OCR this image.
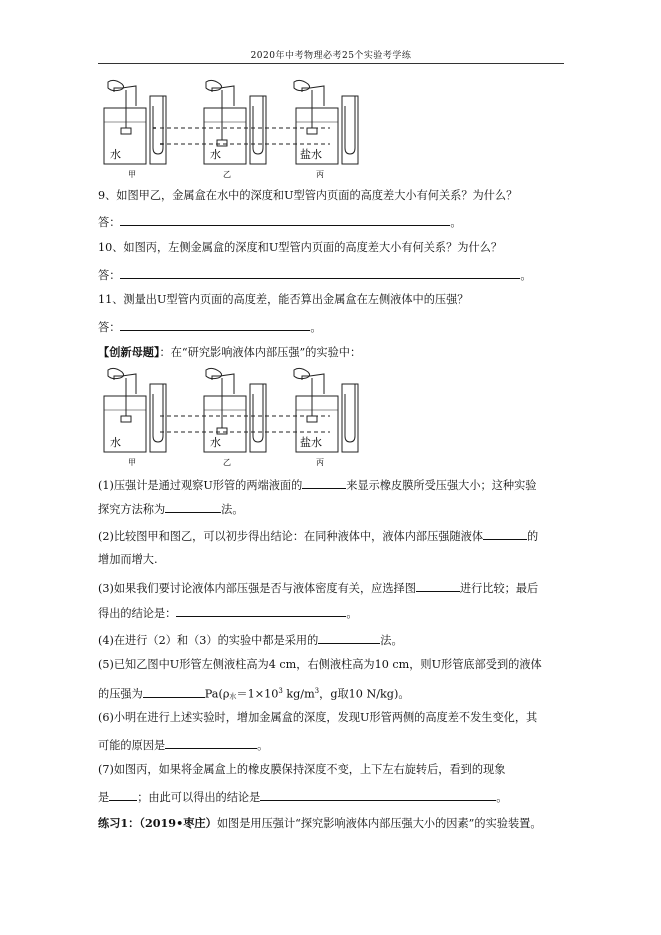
2020年中考物理必考25个实验考学练
水	水	盐水
甲	乙	丙
9、如图甲乙，金属盒在水中的深度和U型管内页面的高度差大小有何关系？为什么？
答：	。
10、如图丙，左侧金属盒的深度和U型管内页面的高度差大小有何关系？为什么？
答：	。
11、测量出U型管内页面的高度差，能否算出金属盒在左侧液体中的压强？
答：	。
【创新母题】：在“研究影响液体内部压强”的实验中：
水	水	盐水
甲	乙	丙
(1)压强计是通过观察U形管的两端液面的	来显示橡皮膜所受压强大小；这种实验
探究方法称为	法。
(2)比较图甲和图乙，可以初步得出结论：在同种液体中，液体内部压强随液体	的
增加而增大.
(3)如果我们要讨论液体内部压强是否与液体密度有关，应选择图	进行比较；最后
得出的结论是：	。
(4)在进行（2）和（3）的实验中都是采用的	法。
(5)已知乙图中U形管左侧液柱高为4 cm，右侧液柱高为10 cm，则U形管底部受到的液体
的压强为	Pa(ρ水$=1\times 10^3$ $kg/m^3$，g取10 N/kg)。
(6)小明在进行上述实验时，增加金属盒的深度，发现U形管两侧的高度差不发生变化，其
可能的原因是	。
(7)如图丙，如果将金属盒上的橡皮膜保持深度不变，上下左右旋转后，看到的现象
是	；由此可以得出的结论是	。
练习1：（2019•枣庄）如图是用压强计“探究影响液体内部压强大小的因素”的实验装置。
